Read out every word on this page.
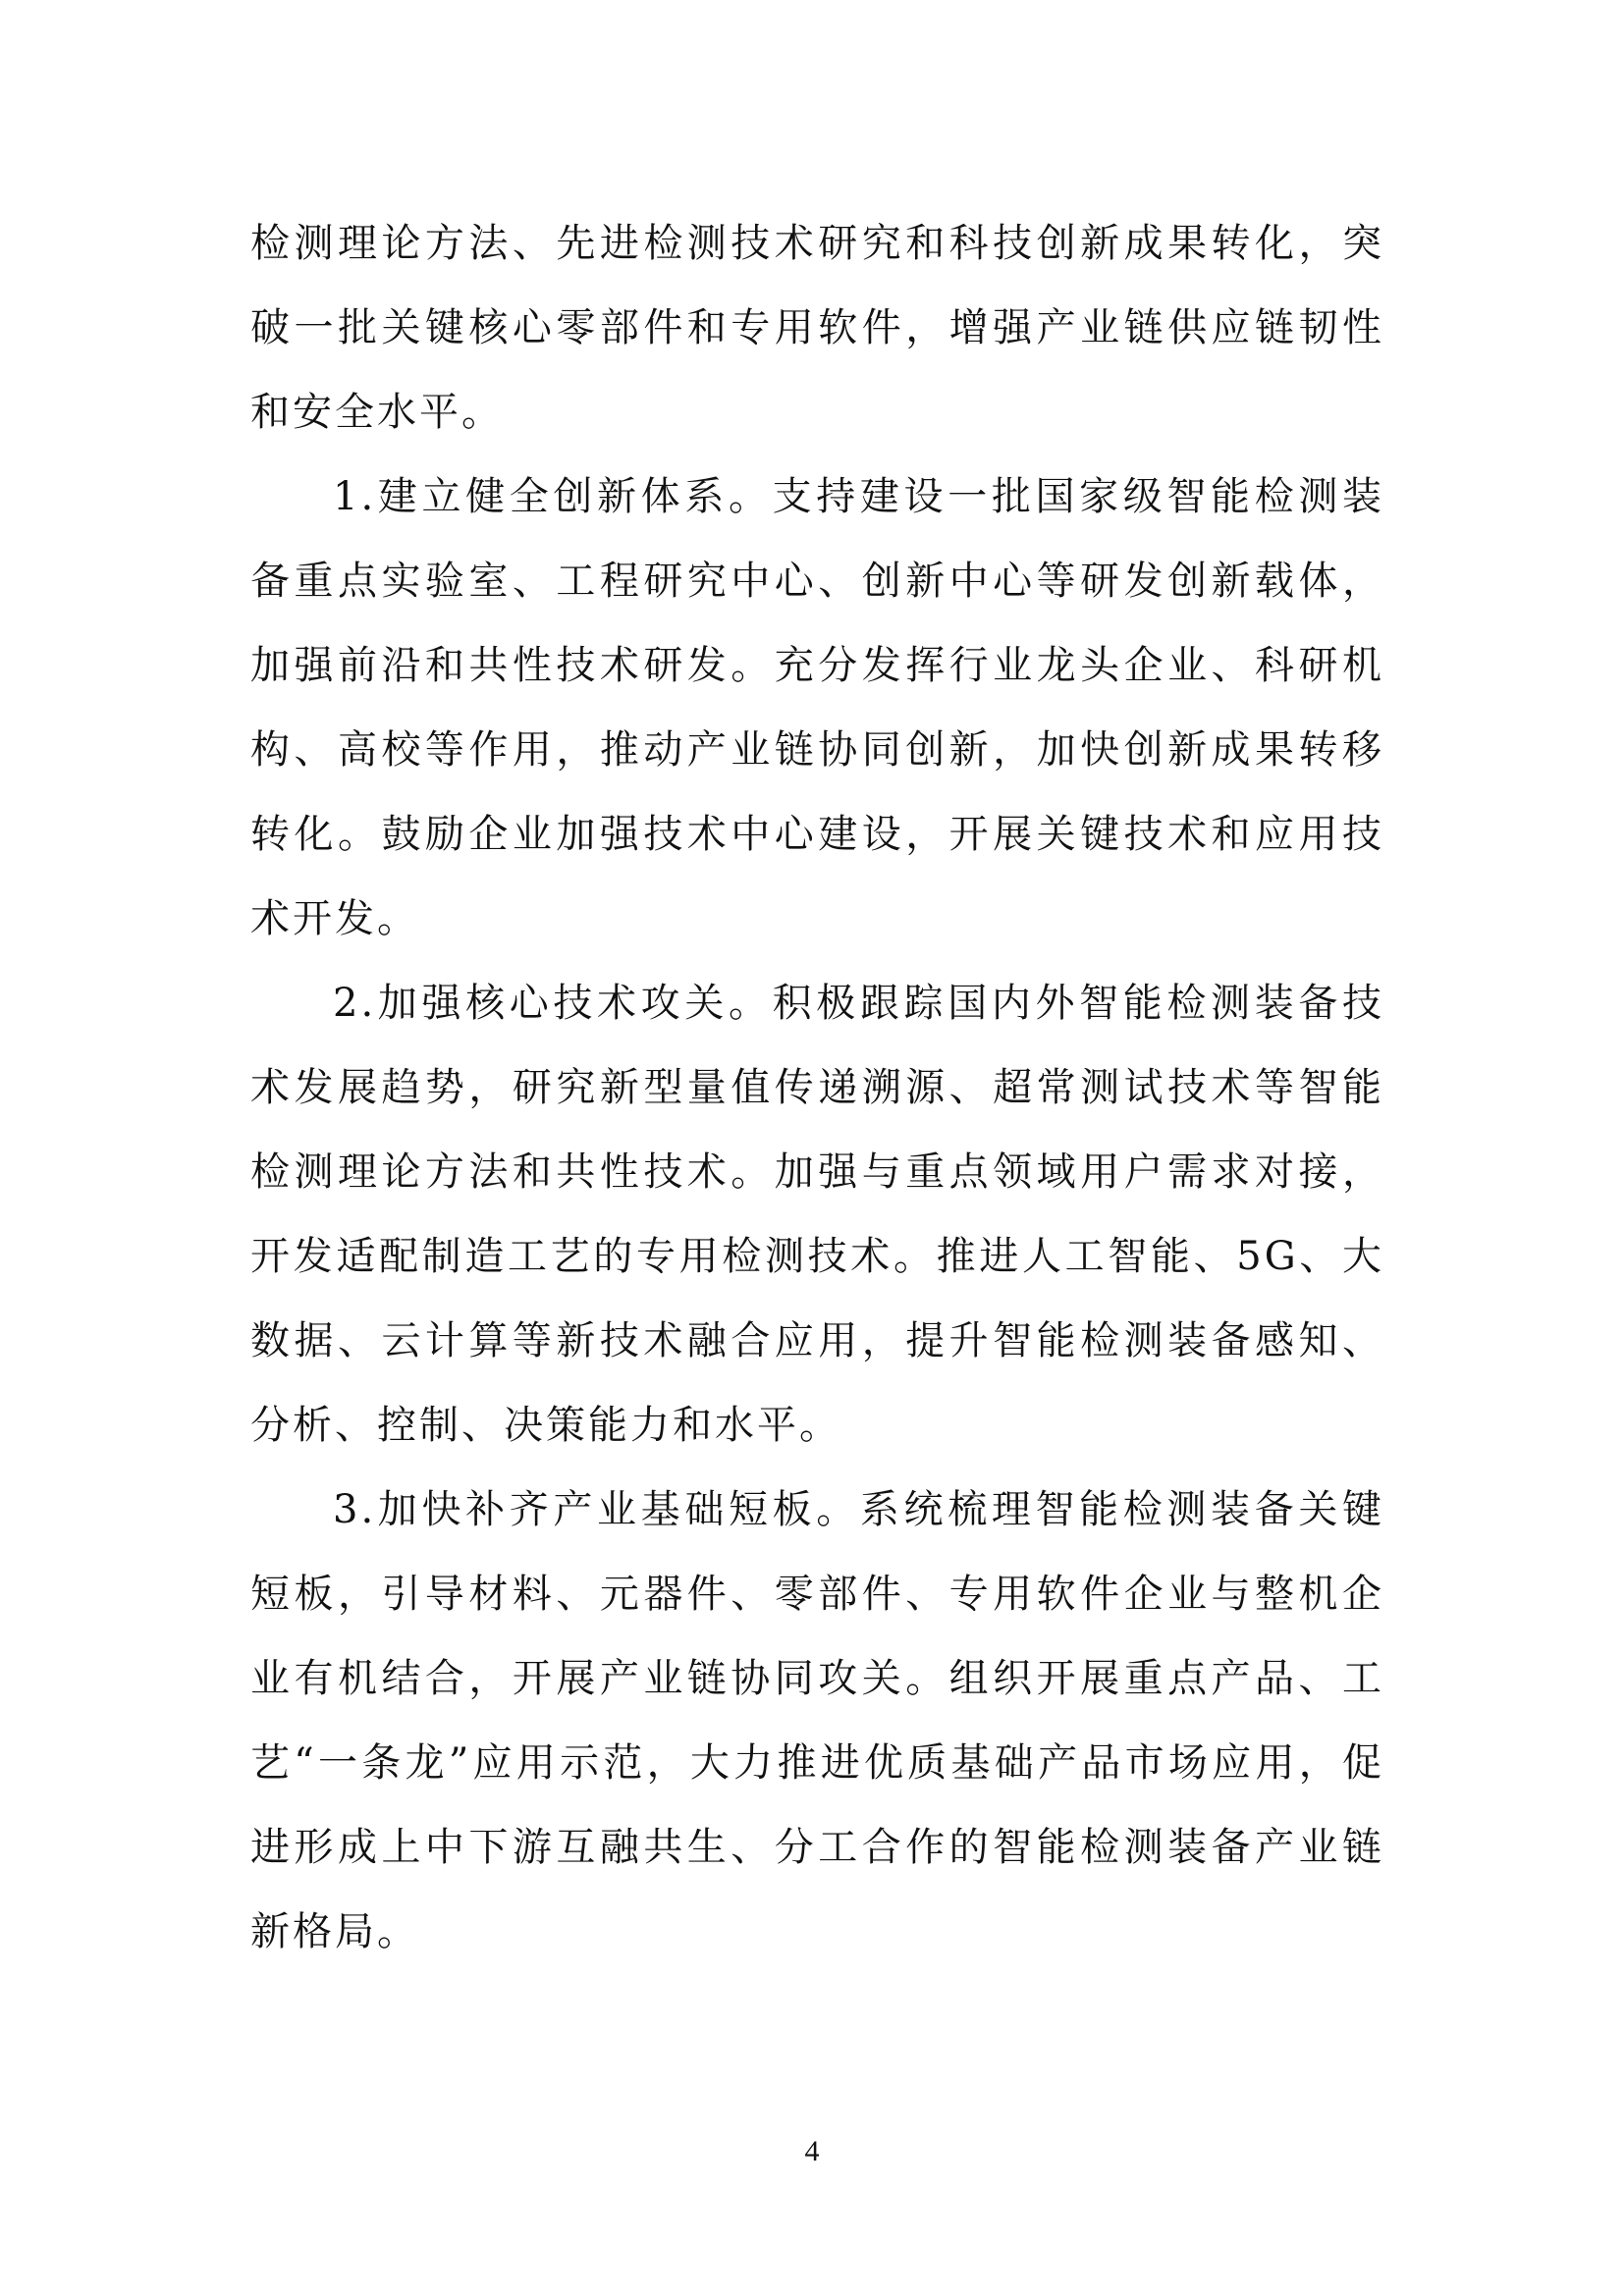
检测理论方法、先进检测技术研究和科技创新成果转化，突
破一批关键核心零部件和专用软件，增强产业链供应链韧性
和安全水平。
1.建立健全创新体系。支持建设一批国家级智能检测装
备重点实验室、工程研究中心、创新中心等研发创新载体，
加强前沿和共性技术研发。充分发挥行业龙头企业、科研机
构、高校等作用，推动产业链协同创新，加快创新成果转移
转化。鼓励企业加强技术中心建设，开展关键技术和应用技
术开发。
2.加强核心技术攻关。积极跟踪国内外智能检测装备技
术发展趋势，研究新型量值传递溯源、超常测试技术等智能
检测理论方法和共性技术。加强与重点领域用户需求对接，
开发适配制造工艺的专用检测技术。推进人工智能、5G、大
数据、云计算等新技术融合应用，提升智能检测装备感知、
分析、控制、决策能力和水平。
3.加快补齐产业基础短板。系统梳理智能检测装备关键
短板，引导材料、元器件、零部件、专用软件企业与整机企
业有机结合，开展产业链协同攻关。组织开展重点产品、工
艺“一条龙”应用示范，大力推进优质基础产品市场应用，促
进形成上中下游互融共生、分工合作的智能检测装备产业链
新格局。
4
